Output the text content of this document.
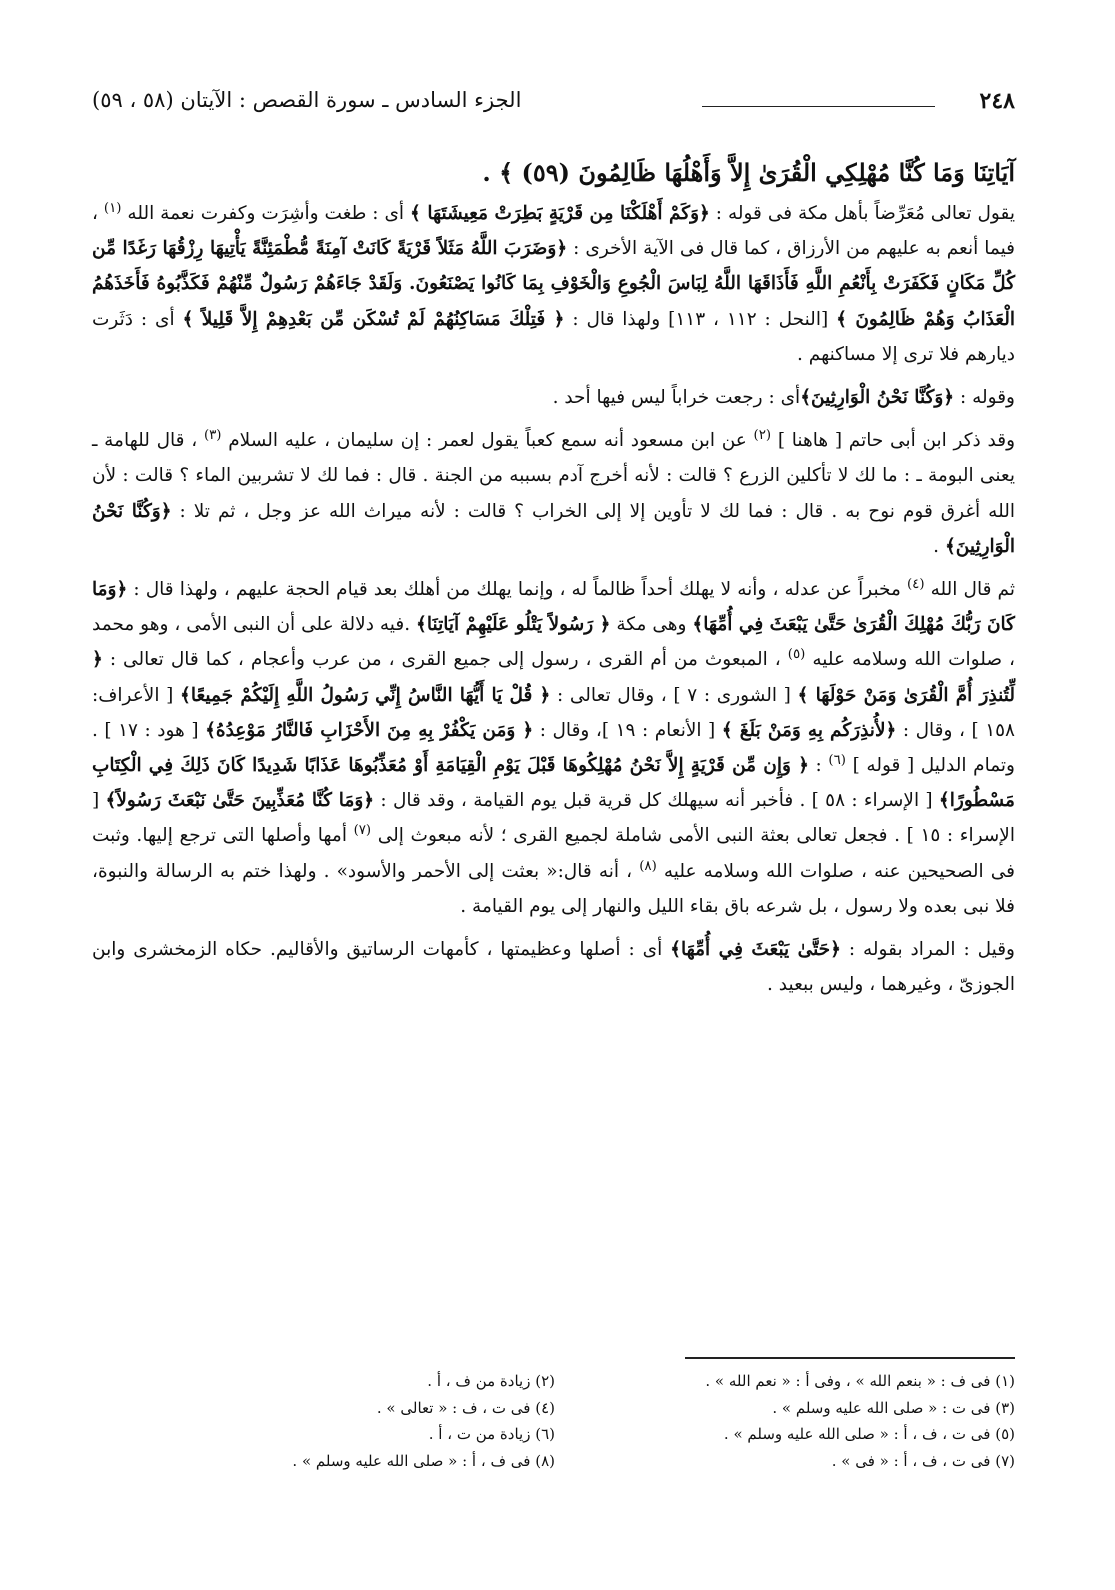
الجزء السادس ـ سورة القصص : الآيتان (٥٨ ، ٥٩)	٢٤٨
آيَاتِنَا وَمَا كُنَّا مُهْلِكِي الْقُرَىٰ إِلاَّ وَأَهْلُهَا ظَالِمُونَ (٥٩) ﴾ .

يقول تعالى مُعَرِّضاً بأهل مكة فى قوله : ﴿وَكَمْ أَهْلَكْنَا مِن قَرْيَةٍ بَطِرَتْ مَعِيشَتَهَا ﴾ أى : طغت وأشِرَت وكفرت نعمة الله $^{(١)}$ ، فيما أنعم به عليهم من الأرزاق ، كما قال فى الآية الأخرى : ﴿وَضَرَبَ اللَّهُ مَثَلاً قَرْيَةً كَانَتْ آمِنَةً مُّطْمَئِنَّةً يَأْتِيهَا رِزْقُهَا رَغَدًا مِّن كُلِّ مَكَانٍ فَكَفَرَتْ بِأَنْعُمِ اللَّهِ فَأَذَاقَهَا اللَّهُ لِبَاسَ الْجُوعِ وَالْخَوْفِ بِمَا كَانُوا يَصْنَعُونَ. وَلَقَدْ جَاءَهُمْ رَسُولٌ مِّنْهُمْ فَكَذَّبُوهُ فَأَخَذَهُمُ الْعَذَابُ وَهُمْ ظَالِمُونَ ﴾ [النحل : ١١٢ ، ١١٣] ولهذا قال : ﴿ فَتِلْكَ مَسَاكِنُهُمْ لَمْ تُسْكَن مِّن بَعْدِهِمْ إِلاَّ قَلِيلاً ﴾ أى : دَثَرت ديارهم فلا ترى إلا مساكنهم .

وقوله : ﴿وَكُنَّا نَحْنُ الْوَارِثِينَ﴾أى : رجعت خراباً ليس فيها أحد .

وقد ذكر ابن أبى حاتم [ هاهنا ] $^{(٢)}$ عن ابن مسعود أنه سمع كعباً يقول لعمر : إن سليمان ، عليه السلام $^{(٣)}$ ، قال للهامة ـ يعنى البومة ـ : ما لك لا تأكلين الزرع ؟ قالت : لأنه أخرج آدم بسببه من الجنة . قال : فما لك لا تشربين الماء ؟ قالت : لأن الله أغرق قوم نوح به . قال : فما لك لا تأوين إلا إلى الخراب ؟ قالت : لأنه ميراث الله عز وجل ، ثم تلا : ﴿وَكُنَّا نَحْنُ الْوَارِثِينَ﴾ .

ثم قال الله $^{(٤)}$ مخبراً عن عدله ، وأنه لا يهلك أحداً ظالماً له ، وإنما يهلك من أهلك بعد قيام الحجة عليهم ، ولهذا قال : ﴿وَمَا كَانَ رَبُّكَ مُهْلِكَ الْقُرَىٰ حَتَّىٰ يَبْعَثَ فِي أُمِّهَا﴾ وهى مكة ﴿ رَسُولاً يَتْلُو عَلَيْهِمْ آيَاتِنَا﴾ .فيه دلالة على أن النبى الأمى ، وهو محمد ، صلوات الله وسلامه عليه $^{(٥)}$ ، المبعوث من أم القرى ، رسول إلى جميع القرى ، من عرب وأعجام ، كما قال تعالى : ﴿ لِّتُنذِرَ أُمَّ الْقُرَىٰ وَمَنْ حَوْلَهَا ﴾ [ الشورى : ٧ ] ، وقال تعالى : ﴿ قُلْ يَا أَيُّهَا النَّاسُ إِنِّي رَسُولُ اللَّهِ إِلَيْكُمْ جَمِيعًا﴾ [ الأعراف: ١٥٨ ] ، وقال : ﴿لأُنذِرَكُم بِهِ وَمَنْ بَلَغَ ﴾ [ الأنعام : ١٩ ]، وقال : ﴿ وَمَن يَكْفُرْ بِهِ مِنَ الأَحْزَابِ فَالنَّارُ مَوْعِدُهُ﴾ [ هود : ١٧ ] . وتمام الدليل [ قوله ] $^{(٦)}$ : ﴿ وَإِن مِّن قَرْيَةٍ إِلاَّ نَحْنُ مُهْلِكُوهَا قَبْلَ يَوْمِ الْقِيَامَةِ أَوْ مُعَذِّبُوهَا عَذَابًا شَدِيدًا كَانَ ذَلِكَ فِي الْكِتَابِ مَسْطُورًا﴾ [ الإسراء : ٥٨ ] . فأخبر أنه سيهلك كل قرية قبل يوم القيامة ، وقد قال : ﴿وَمَا كُنَّا مُعَذِّبِينَ حَتَّىٰ نَبْعَثَ رَسُولاً﴾ [ الإسراء : ١٥ ] . فجعل تعالى بعثة النبى الأمى شاملة لجميع القرى ؛ لأنه مبعوث إلى $^{(٧)}$ أمها وأصلها التى ترجع إليها. وثبت فى الصحيحين عنه ، صلوات الله وسلامه عليه $^{(٨)}$ ، أنه قال:« بعثت إلى الأحمر والأسود» . ولهذا ختم به الرسالة والنبوة، فلا نبى بعده ولا رسول ، بل شرعه باق بقاء الليل والنهار إلى يوم القيامة .

وقيل : المراد بقوله : ﴿حَتَّىٰ يَبْعَثَ فِي أُمِّهَا﴾ أى : أصلها وعظيمتها ، كأمهات الرساتيق والأقاليم. حكاه الزمخشرى وابن الجوزىّ ، وغيرهما ، وليس ببعيد .

(١) فى ف : « بنعم الله » ، وفى أ : « نعم الله » .
(٣) فى ت : « صلى الله عليه وسلم » .
(٥) فى ت ، ف ، أ : « صلى الله عليه وسلم » .
(٧) فى ت ، ف ، أ : « فى » .
(٢) زيادة من ف ، أ .
(٤) فى ت ، ف : « تعالى » .
(٦) زيادة من ت ، أ .
(٨) فى ف ، أ : « صلى الله عليه وسلم » .
